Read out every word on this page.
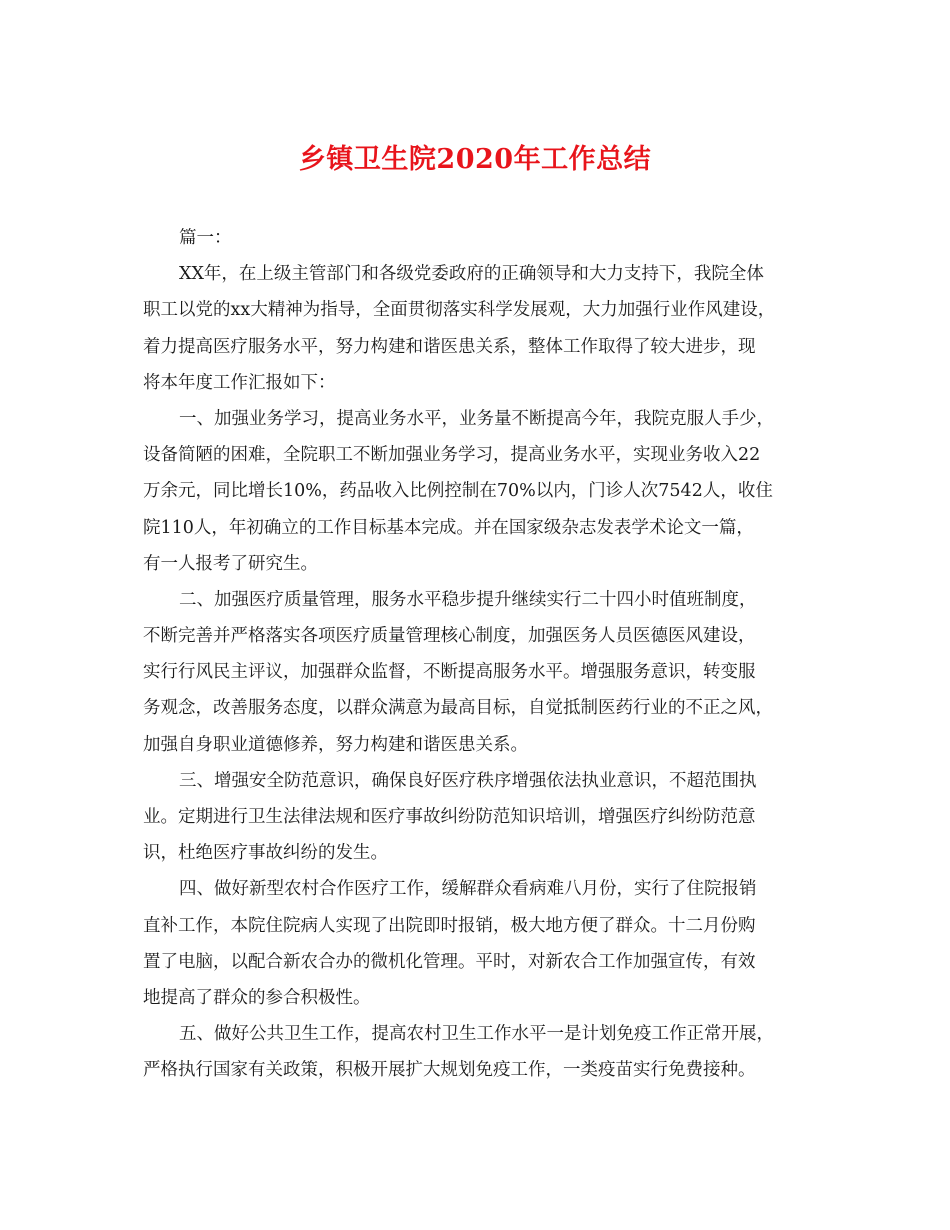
乡镇卫生院2020年工作总结

篇一：

XX年，在上级主管部门和各级党委政府的正确领导和大力支持下，我院全体
职工以党的xx大精神为指导，全面贯彻落实科学发展观，大力加强行业作风建设，
着力提高医疗服务水平，努力构建和谐医患关系，整体工作取得了较大进步，现
将本年度工作汇报如下：

一、加强业务学习，提高业务水平，业务量不断提高今年，我院克服人手少，
设备简陋的困难，全院职工不断加强业务学习，提高业务水平，实现业务收入22
万余元，同比增长10%，药品收入比例控制在70%以内，门诊人次7542人，收住
院110人，年初确立的工作目标基本完成。并在国家级杂志发表学术论文一篇，
有一人报考了研究生。

二、加强医疗质量管理，服务水平稳步提升继续实行二十四小时值班制度，
不断完善并严格落实各项医疗质量管理核心制度，加强医务人员医德医风建设，
实行行风民主评议，加强群众监督，不断提高服务水平。增强服务意识，转变服
务观念，改善服务态度，以群众满意为最高目标，自觉抵制医药行业的不正之风，
加强自身职业道德修养，努力构建和谐医患关系。

三、增强安全防范意识，确保良好医疗秩序增强依法执业意识，不超范围执
业。定期进行卫生法律法规和医疗事故纠纷防范知识培训，增强医疗纠纷防范意
识，杜绝医疗事故纠纷的发生。

四、做好新型农村合作医疗工作，缓解群众看病难八月份，实行了住院报销
直补工作，本院住院病人实现了出院即时报销，极大地方便了群众。十二月份购
置了电脑，以配合新农合办的微机化管理。平时，对新农合工作加强宣传，有效
地提高了群众的参合积极性。

五、做好公共卫生工作，提高农村卫生工作水平一是计划免疫工作正常开展，
严格执行国家有关政策，积极开展扩大规划免疫工作，一类疫苗实行免费接种。
